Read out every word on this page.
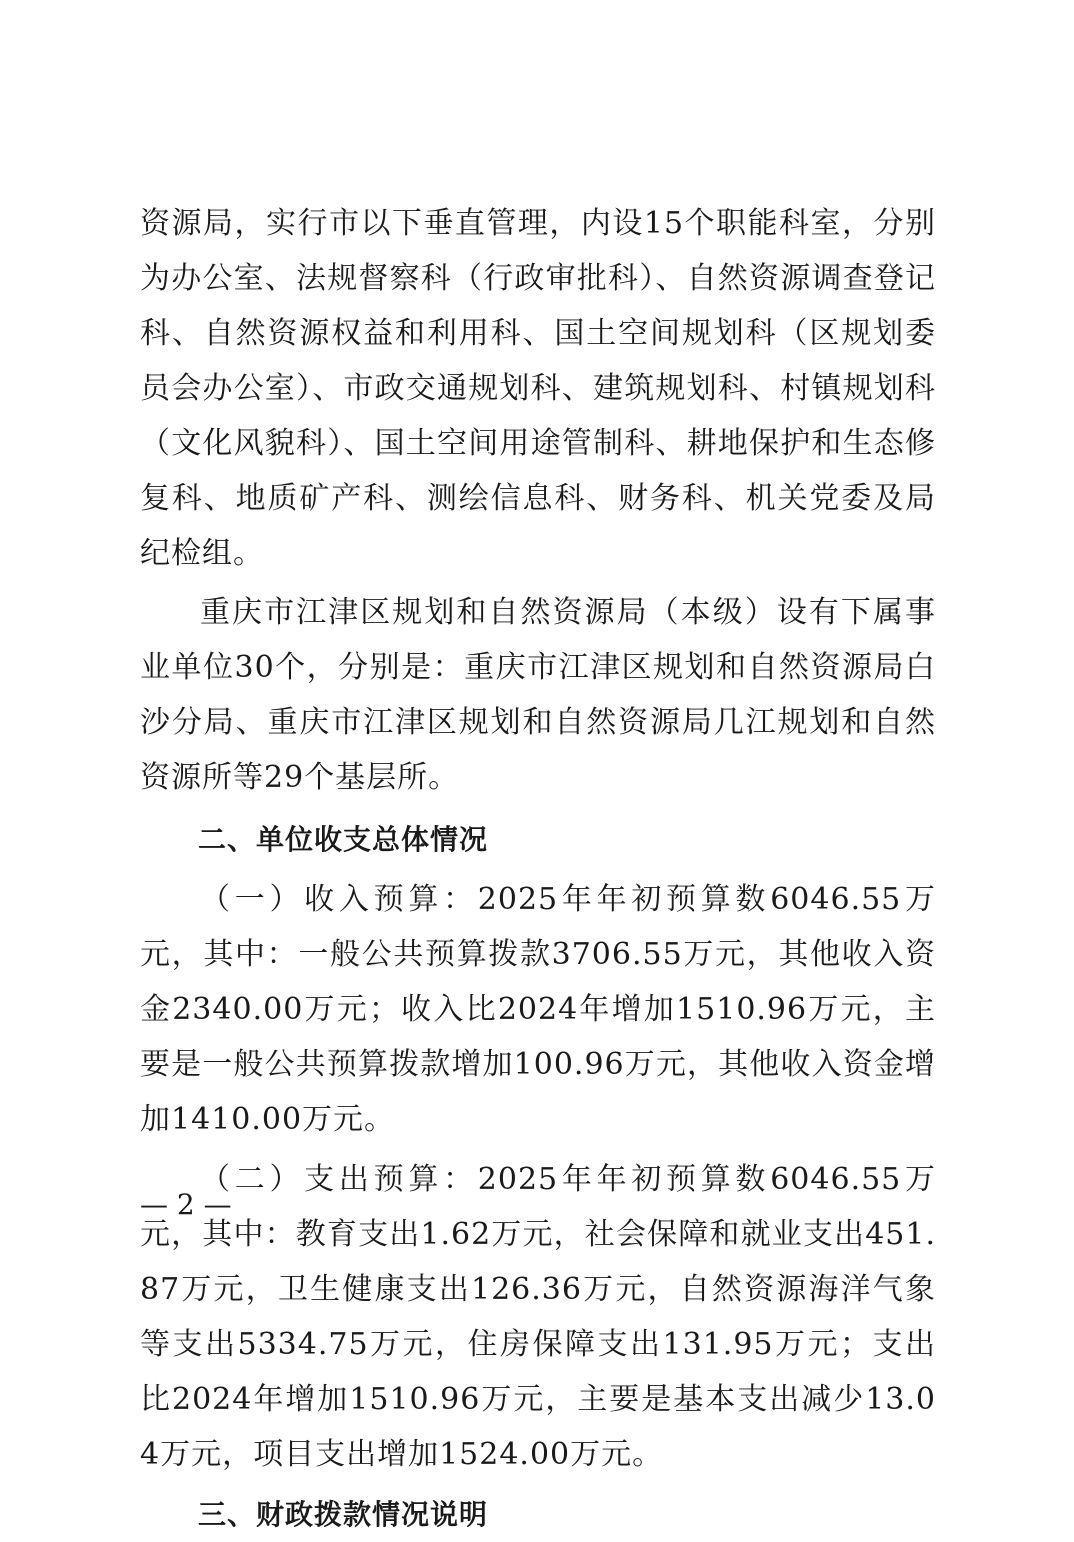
资源局，实行市以下垂直管理，内设15个职能科室，分别为办公室、法规督察科（行政审批科）、自然资源调查登记科、自然资源权益和利用科、国土空间规划科（区规划委员会办公室）、市政交通规划科、建筑规划科、村镇规划科（文化风貌科）、国土空间用途管制科、耕地保护和生态修复科、地质矿产科、测绘信息科、财务科、机关党委及局纪检组。

重庆市江津区规划和自然资源局（本级）设有下属事业单位30个，分别是：重庆市江津区规划和自然资源局白沙分局、重庆市江津区规划和自然资源局几江规划和自然资源所等29个基层所。

二、单位收支总体情况

（一）收入预算：2025年年初预算数6046.55万元，其中：一般公共预算拨款3706.55万元，其他收入资金2340.00万元；收入比2024年增加1510.96万元，主要是一般公共预算拨款增加100.96万元，其他收入资金增加1410.00万元。

（二）支出预算：2025年年初预算数6046.55万元，其中：教育支出1.62万元，社会保障和就业支出451.87万元，卫生健康支出126.36万元，自然资源海洋气象等支出5334.75万元，住房保障支出131.95万元；支出比2024年增加1510.96万元，主要是基本支出减少13.04万元，项目支出增加1524.00万元。

三、财政拨款情况说明
— 2 —
